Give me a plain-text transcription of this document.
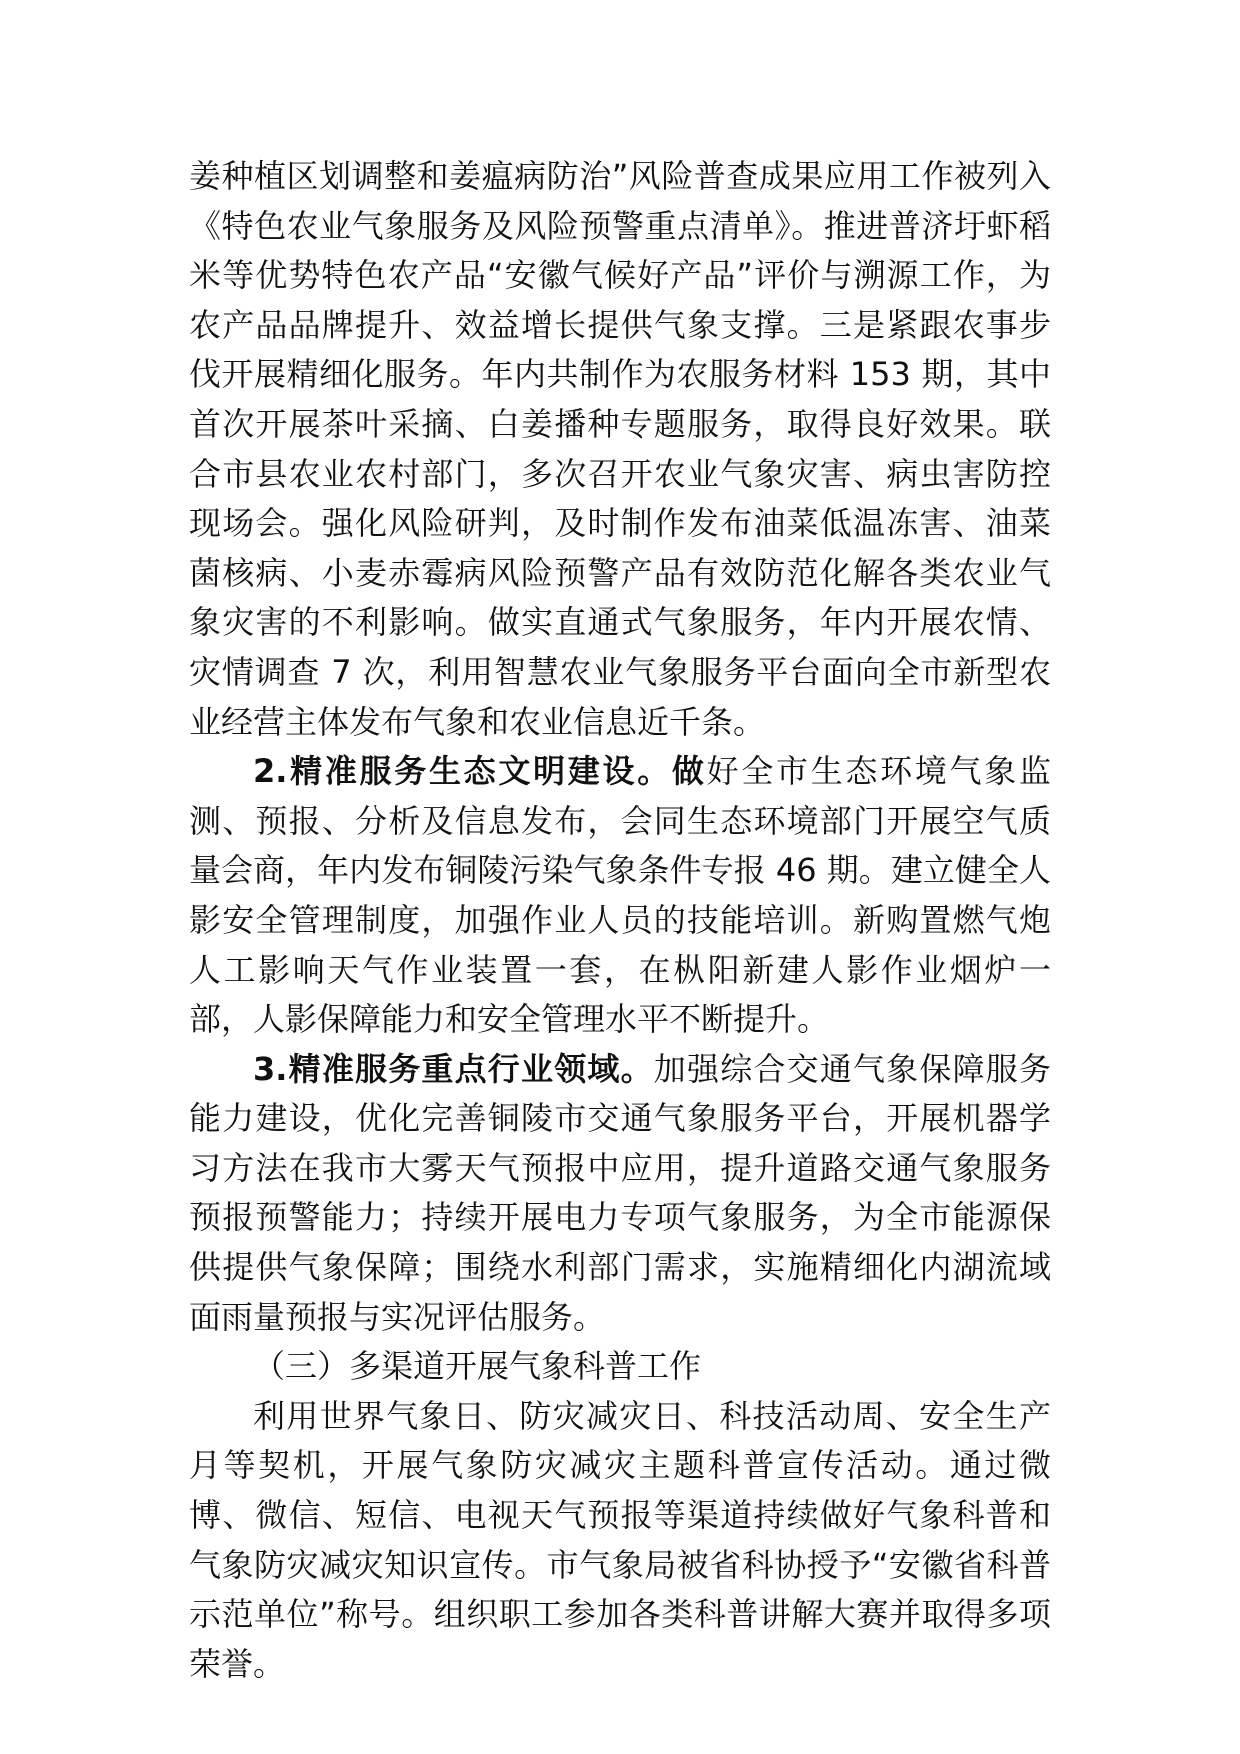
姜种植区划调整和姜瘟病防治”风险普查成果应用工作被列入《特色农业气象服务及风险预警重点清单》。推进普济圩虾稻米等优势特色农产品“安徽气候好产品”评价与溯源工作，为农产品品牌提升、效益增长提供气象支撑。三是紧跟农事步伐开展精细化服务。年内共制作为农服务材料 153 期，其中首次开展茶叶采摘、白姜播种专题服务，取得良好效果。联合市县农业农村部门，多次召开农业气象灾害、病虫害防控现场会。强化风险研判，及时制作发布油菜低温冻害、油菜菌核病、小麦赤霉病风险预警产品有效防范化解各类农业气象灾害的不利影响。做实直通式气象服务，年内开展农情、灾情调查 7 次，利用智慧农业气象服务平台面向全市新型农业经营主体发布气象和农业信息近千条。

2.精准服务生态文明建设。做好全市生态环境气象监测、预报、分析及信息发布，会同生态环境部门开展空气质量会商，年内发布铜陵污染气象条件专报 46 期。建立健全人影安全管理制度，加强作业人员的技能培训。新购置燃气炮人工影响天气作业装置一套，在枞阳新建人影作业烟炉一部，人影保障能力和安全管理水平不断提升。

3.精准服务重点行业领域。加强综合交通气象保障服务能力建设，优化完善铜陵市交通气象服务平台，开展机器学习方法在我市大雾天气预报中应用，提升道路交通气象服务预报预警能力；持续开展电力专项气象服务，为全市能源保供提供气象保障；围绕水利部门需求，实施精细化内湖流域面雨量预报与实况评估服务。

（三）多渠道开展气象科普工作

利用世界气象日、防灾减灾日、科技活动周、安全生产月等契机，开展气象防灾减灾主题科普宣传活动。通过微博、微信、短信、电视天气预报等渠道持续做好气象科普和气象防灾减灾知识宣传。市气象局被省科协授予“安徽省科普示范单位”称号。组织职工参加各类科普讲解大赛并取得多项荣誉。
